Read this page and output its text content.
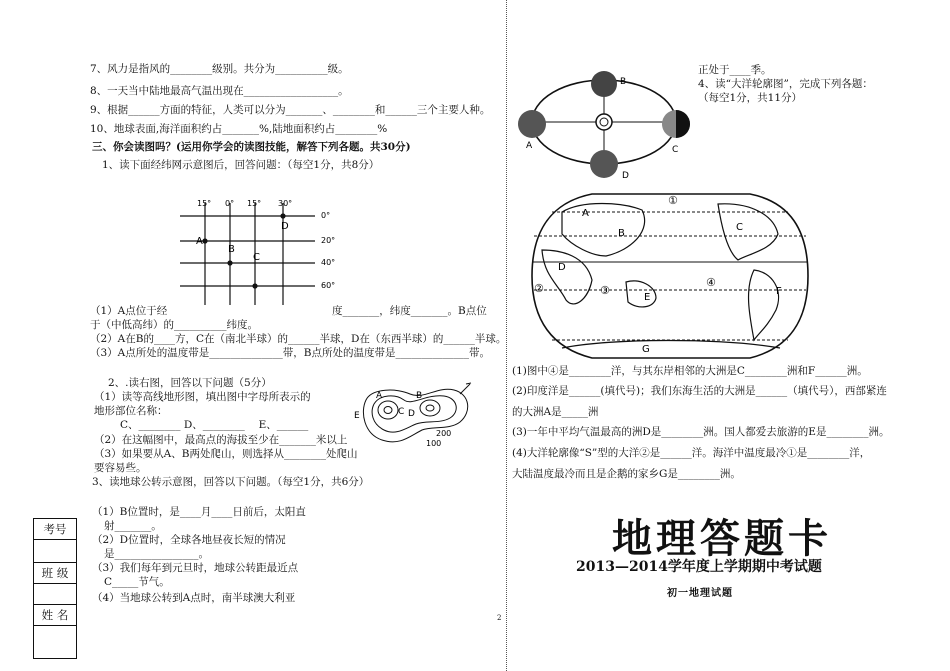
7、风力是指风的________级别。共分为__________级。
8、一天当中陆地最高气温出现在__________________。
9、根据______方面的特征，人类可以分为_______、________和______三个主要人种。
10、地球表面,海洋面积约占_______%,陆地面积约占________%
三、你会读图吗？(运用你学会的读图技能，解答下列各题。共30分)
1、读下面经纬网示意图后，回答问题：（每空1分，共8分）
15° 0° 15° 30°
0°
20°
40°
60°
A
B
C
D
（1）A点位于经	度_______，纬度_______。B点位
于（中低高纬）的__________纬度。
（2）A在B的____方，C在（南北半球）的______半球，D在（东西半球）的______半球。
（3）A点所处的温度带是______________带，B点所处的温度带是______________带。
2、.读右图，回答以下问题（5分）
（1）读等高线地形图，填出图中字母所表示的
地形部位名称：
C、________ D、________　 E、______
（2）在这幅图中，最高点的海拔至少在_______米以上
（3）如果要从A、B两处爬山，则选择从________处爬山
要容易些。
A	B
C D
E
200
100
3、读地球公转示意图，回答以下问题。（每空1分，共6分）
（1）B位置时，是____月____日前后，太阳直
射_______。
（2）D位置时，全球各地昼夜长短的情况
是________________。
（3）我们每年到元旦时，地球公转距最近点
C_____节气。
（4）当地球公转到A点时，南半球澳大利亚
考号

班 级

姓 名	2
B
A	C
D
正处于____季。
4、读“大洋轮廓图”，完成下列各题：
（每空1分，共11分）
A
B
C
D
E
F
G
①
②	③
④
(1)图中④是________洋，与其东岸相邻的大洲是C________洲和F______洲。
(2)印度洋是______(填代号)；我们东海生活的大洲是______（填代号），西部紧连
的大洲A是_____洲
(3)一年中平均气温最高的洲D是________洲。国人都爱去旅游的E是________洲。
(4)大洋轮廓像“S”型的大洋②是______洋。海洋中温度最冷①是________洋，
大陆温度最冷而且是企鹅的家乡G是________洲。
地理答题卡
2013—2014学年度上学期期中考试题
初一地理试题
